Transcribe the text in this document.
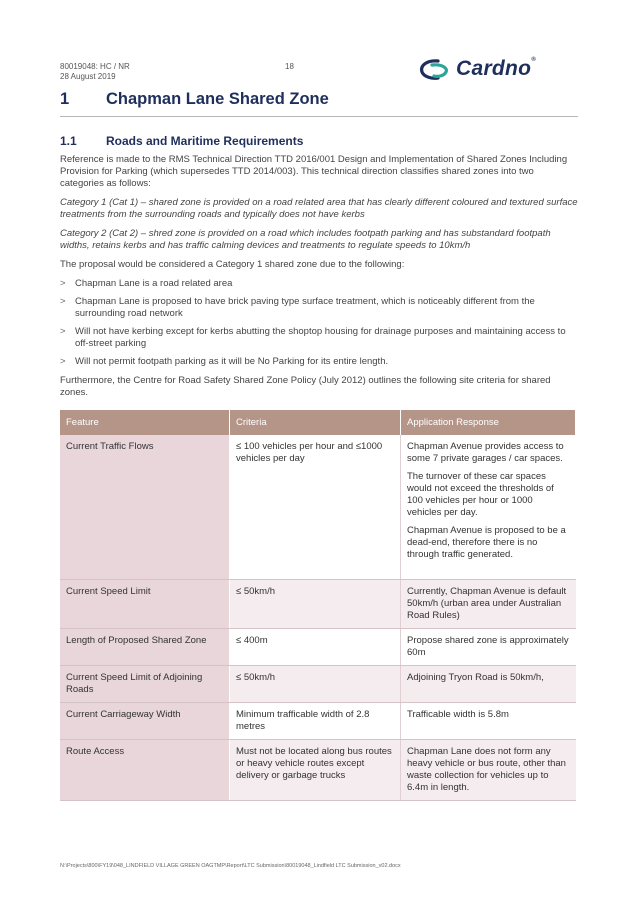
80019048: HC / NR
28 August 2019
18	Cardno®
1 Chapman Lane Shared Zone
1.1 Roads and Maritime Requirements

Reference is made to the RMS Technical Direction TTD 2016/001 Design and Implementation of Shared Zones Including Provision for Parking (which supersedes TTD 2014/003). This technical direction classifies shared zones into two categories as follows:

Category 1 (Cat 1) – shared zone is provided on a road related area that has clearly different coloured and textured surface treatments from the surrounding roads and typically does not have kerbs

Category 2 (Cat 2) – shred zone is provided on a road which includes footpath parking and has substandard footpath widths, retains kerbs and has traffic calming devices and treatments to regulate speeds to 10km/h

The proposal would be considered a Category 1 shared zone due to the following:

> Chapman Lane is a road related area
> Chapman Lane is proposed to have brick paving type surface treatment, which is noticeably different from the surrounding road network
> Will not have kerbing except for kerbs abutting the shoptop housing for drainage purposes and maintaining access to off-street parking
> Will not permit footpath parking as it will be No Parking for its entire length.

Furthermore, the Centre for Road Safety Shared Zone Policy (July 2012) outlines the following site criteria for shared zones.

Feature	Criteria	Application Response
Current Traffic Flows	≤ 100 vehicles per hour and ≤1000 vehicles per day	Chapman Avenue provides access to some 7 private garages / car spaces.

The turnover of these car spaces would not exceed the thresholds of 100 vehicles per hour or 1000 vehicles per day.

Chapman Avenue is proposed to be a dead-end, therefore there is no through traffic generated.

Current Speed Limit	≤ 50km/h	Currently, Chapman Avenue is default 50km/h (urban area under Australian Road Rules)
Length of Proposed Shared Zone	≤ 400m	Propose shared zone is approximately 60m
Current Speed Limit of Adjoining Roads	≤ 50km/h	Adjoining Tryon Road is 50km/h,
Current Carriageway Width	Minimum trafficable width of 2.8 metres	Trafficable width is 5.8m
Route Access	Must not be located along bus routes or heavy vehicle routes except delivery or garbage trucks	Chapman Lane does not form any heavy vehicle or bus route, other than waste collection for vehicles up to 6.4m in length.
N:\Projects\800\FY19\048_LINDFIELD VILLAGE GREEN OAGTMP\Report\LTC Submission\80019048_Lindfield LTC Submission_v02.docx
